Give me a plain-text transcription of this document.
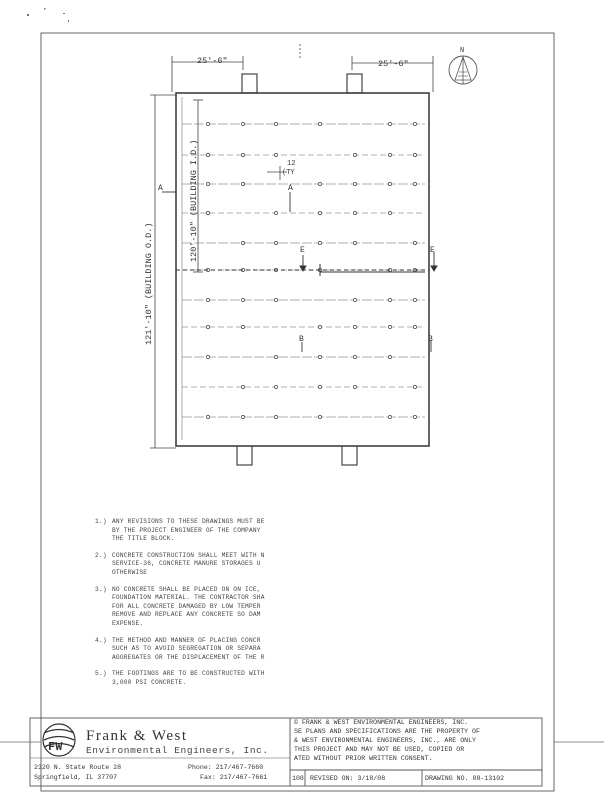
N
25'-6"	25'-6"
121'-10" (BUILDING O.D.)
120'-10" (BUILDING I.D.)	12
(TY
A	A
E	E
B	B
FW
Frank & West
Environmental Engineers, Inc.
2320 N. State Route 28
Springfield, IL 37707
Phone: 217/467-7660
Fax: 217/467-7661
© FRANK & WEST ENVIRONMENTAL ENGINEERS, INC.
SE PLANS AND SPECIFICATIONS ARE THE PROPERTY OF
& WEST ENVIRONMENTAL ENGINEERS, INC., ARE ONLY
THIS PROJECT AND MAY NOT BE USED, COPIED OR
ATED WITHOUT PRIOR WRITTEN CONSENT.
108 REVISED ON: 3/18/08	DRAWING NO. 08-13102
1.) ANY REVISIONS TO THESE DRAWINGS MUST BE
BY THE PROJECT ENGINEER OF THE COMPANY
THE TITLE BLOCK.
2.) CONCRETE CONSTRUCTION SHALL MEET WITH N
SERVICE-36, CONCRETE MANURE STORAGES U
OTHERWISE
3.) NO CONCRETE SHALL BE PLACED ON ON ICE,
FOUNDATION MATERIAL. THE CONTRACTOR SHA
FOR ALL CONCRETE DAMAGED BY LOW TEMPER
REMOVE AND REPLACE ANY CONCRETE SO DAM
EXPENSE.
4.) THE METHOD AND MANNER OF PLACING CONCR
SUCH AS TO AVOID SEGREGATION OR SEPARA
AGGREGATES OR THE DISPLACEMENT OF THE R
5.) THE FOOTINGS ARE TO BE CONSTRUCTED WITH
3,000 PSI CONCRETE.
